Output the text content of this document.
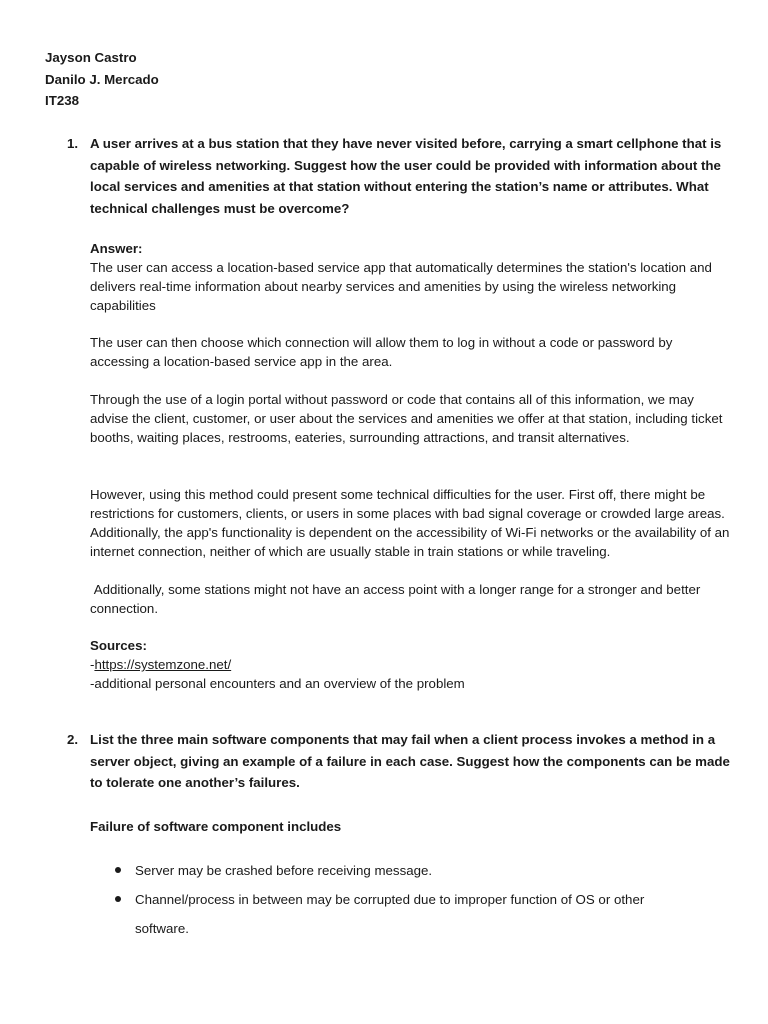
Jayson Castro
Danilo J. Mercado
IT238
1. A user arrives at a bus station that they have never visited before, carrying a smart cellphone that is capable of wireless networking. Suggest how the user could be provided with information about the local services and amenities at that station without entering the station’s name or attributes. What technical challenges must be overcome?
Answer:
The user can access a location-based service app that automatically determines the station's location and delivers real-time information about nearby services and amenities by using the wireless networking capabilities
The user can then choose which connection will allow them to log in without a code or password by accessing a location-based service app in the area.
Through the use of a login portal without password or code that contains all of this information, we may advise the client, customer, or user about the services and amenities we offer at that station, including ticket booths, waiting places, restrooms, eateries, surrounding attractions, and transit alternatives.
However, using this method could present some technical difficulties for the user. First off, there might be restrictions for customers, clients, or users in some places with bad signal coverage or crowded large areas. Additionally, the app's functionality is dependent on the accessibility of Wi-Fi networks or the availability of an internet connection, neither of which are usually stable in train stations or while traveling.
Additionally, some stations might not have an access point with a longer range for a stronger and better connection.
Sources:
-https://systemzone.net/
-additional personal encounters and an overview of the problem
2. List the three main software components that may fail when a client process invokes a method in a server object, giving an example of a failure in each case. Suggest how the components can be made to tolerate one another’s failures.
Failure of software component includes
Server may be crashed before receiving message.
Channel/process in between may be corrupted due to improper function of OS or other software.
